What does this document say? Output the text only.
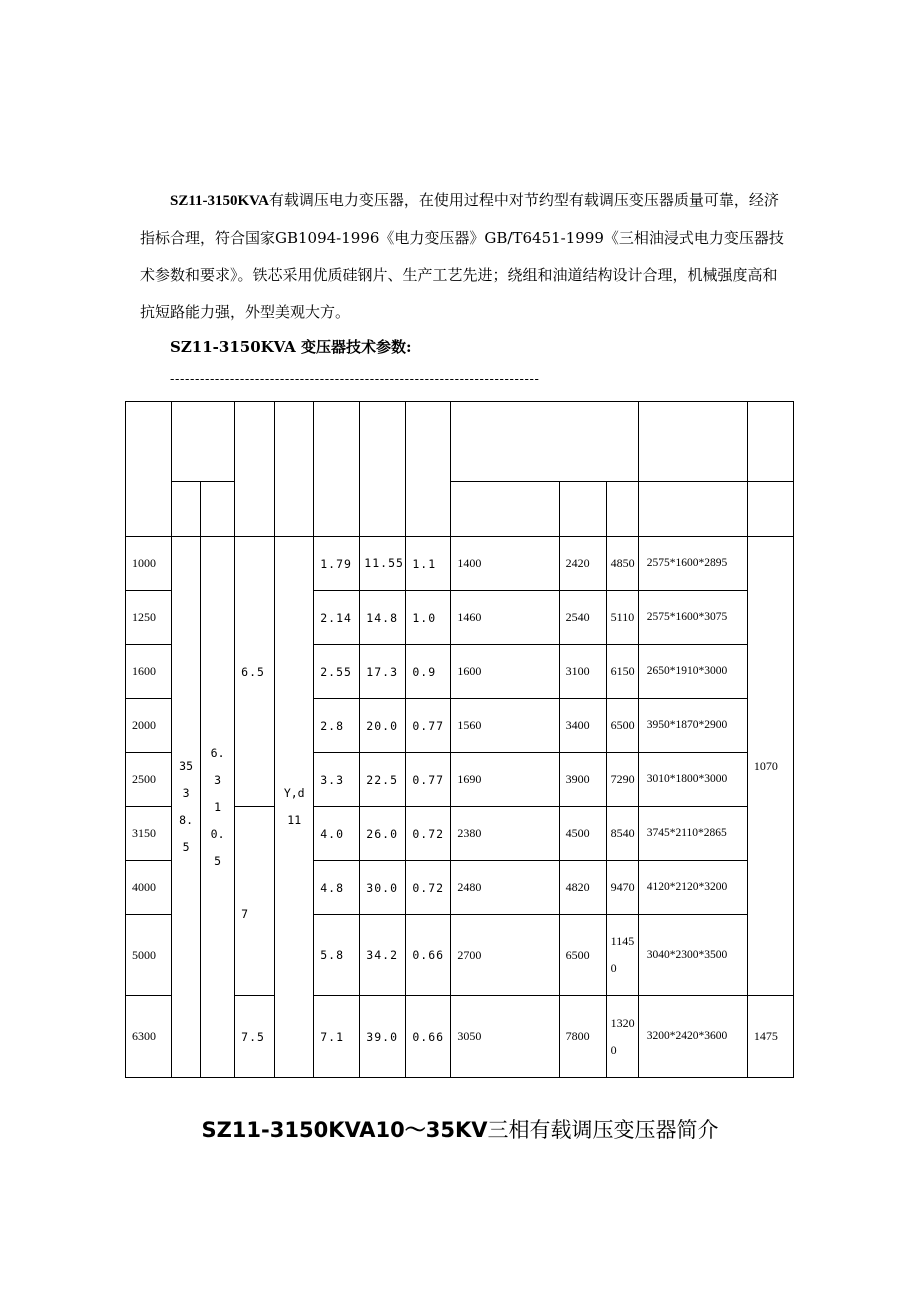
SZ11-3150KVA有载调压电力变压器，在使用过程中对节约型有载调压变压器质量可靠，经济指标合理，符合国家GB1094-1996《电力变压器》GB/T6451-1999《三相油浸式电力变压器技术参数和要求》。铁芯采用优质硅钢片、生产工艺先进；绕组和油道结构设计合理，机械强度高和抗短路能力强，外型美观大方。

SZ11-3150KVA 变压器技术参数:

--------------------------------------------------------------------------

1000	35 38.5	6.3 10.5	6.5	Y,d 11	1.79	11.55	1.1	1400	2420	4850	2575*1600*2895	1070
1250					2.14	14.8	1.0	1460	2540	5110	2575*1600*3075	
1600					2.55	17.3	0.9	1600	3100	6150	2650*1910*3000	
2000					2.8	20.0	0.77	1560	3400	6500	3950*1870*2900	
2500					3.3	22.5	0.77	1690	3900	7290	3010*1800*3000	
3150			7		4.0	26.0	0.72	2380	4500	8540	3745*2110*2865	
4000					4.8	30.0	0.72	2480	4820	9470	4120*2120*3200	
5000					5.8	34.2	0.66	2700	6500	11450	3040*2300*3500	
6300			7.5		7.1	39.0	0.66	3050	7800	13200	3200*2420*3600	1475

SZ11-3150KVA10～35KV三相有载调压变压器简介
